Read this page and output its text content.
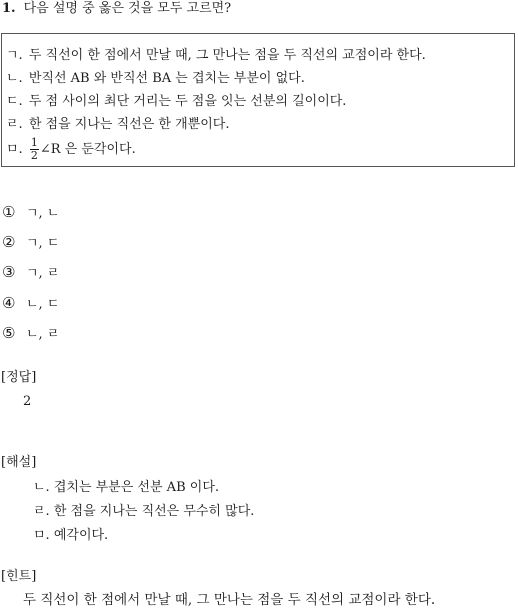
1. 다음 설명 중 옳은 것을 모두 고르면?
ㄱ. 두 직선이 한 점에서 만날 때, 그 만나는 점을 두 직선의 교점이라 한다.
ㄴ. 반직선 AB 와 반직선 BA 는 겹치는 부분이 없다.
ㄷ. 두 점 사이의 최단 거리는 두 점을 잇는 선분의 길이이다.
ㄹ. 한 점을 지나는 직선은 한 개뿐이다.
ㅁ. $\frac{1}{2}$ ∠R 은 둔각이다.
① ㄱ, ㄴ
② ㄱ, ㄷ
③ ㄱ, ㄹ
④ ㄴ, ㄷ
⑤ ㄴ, ㄹ
[정답]
2
[해설]
ㄴ. 겹치는 부분은 선분 AB 이다.
ㄹ. 한 점을 지나는 직선은 무수히 많다.
ㅁ. 예각이다.
[힌트]
두 직선이 한 점에서 만날 때, 그 만나는 점을 두 직선의 교점이라 한다.
